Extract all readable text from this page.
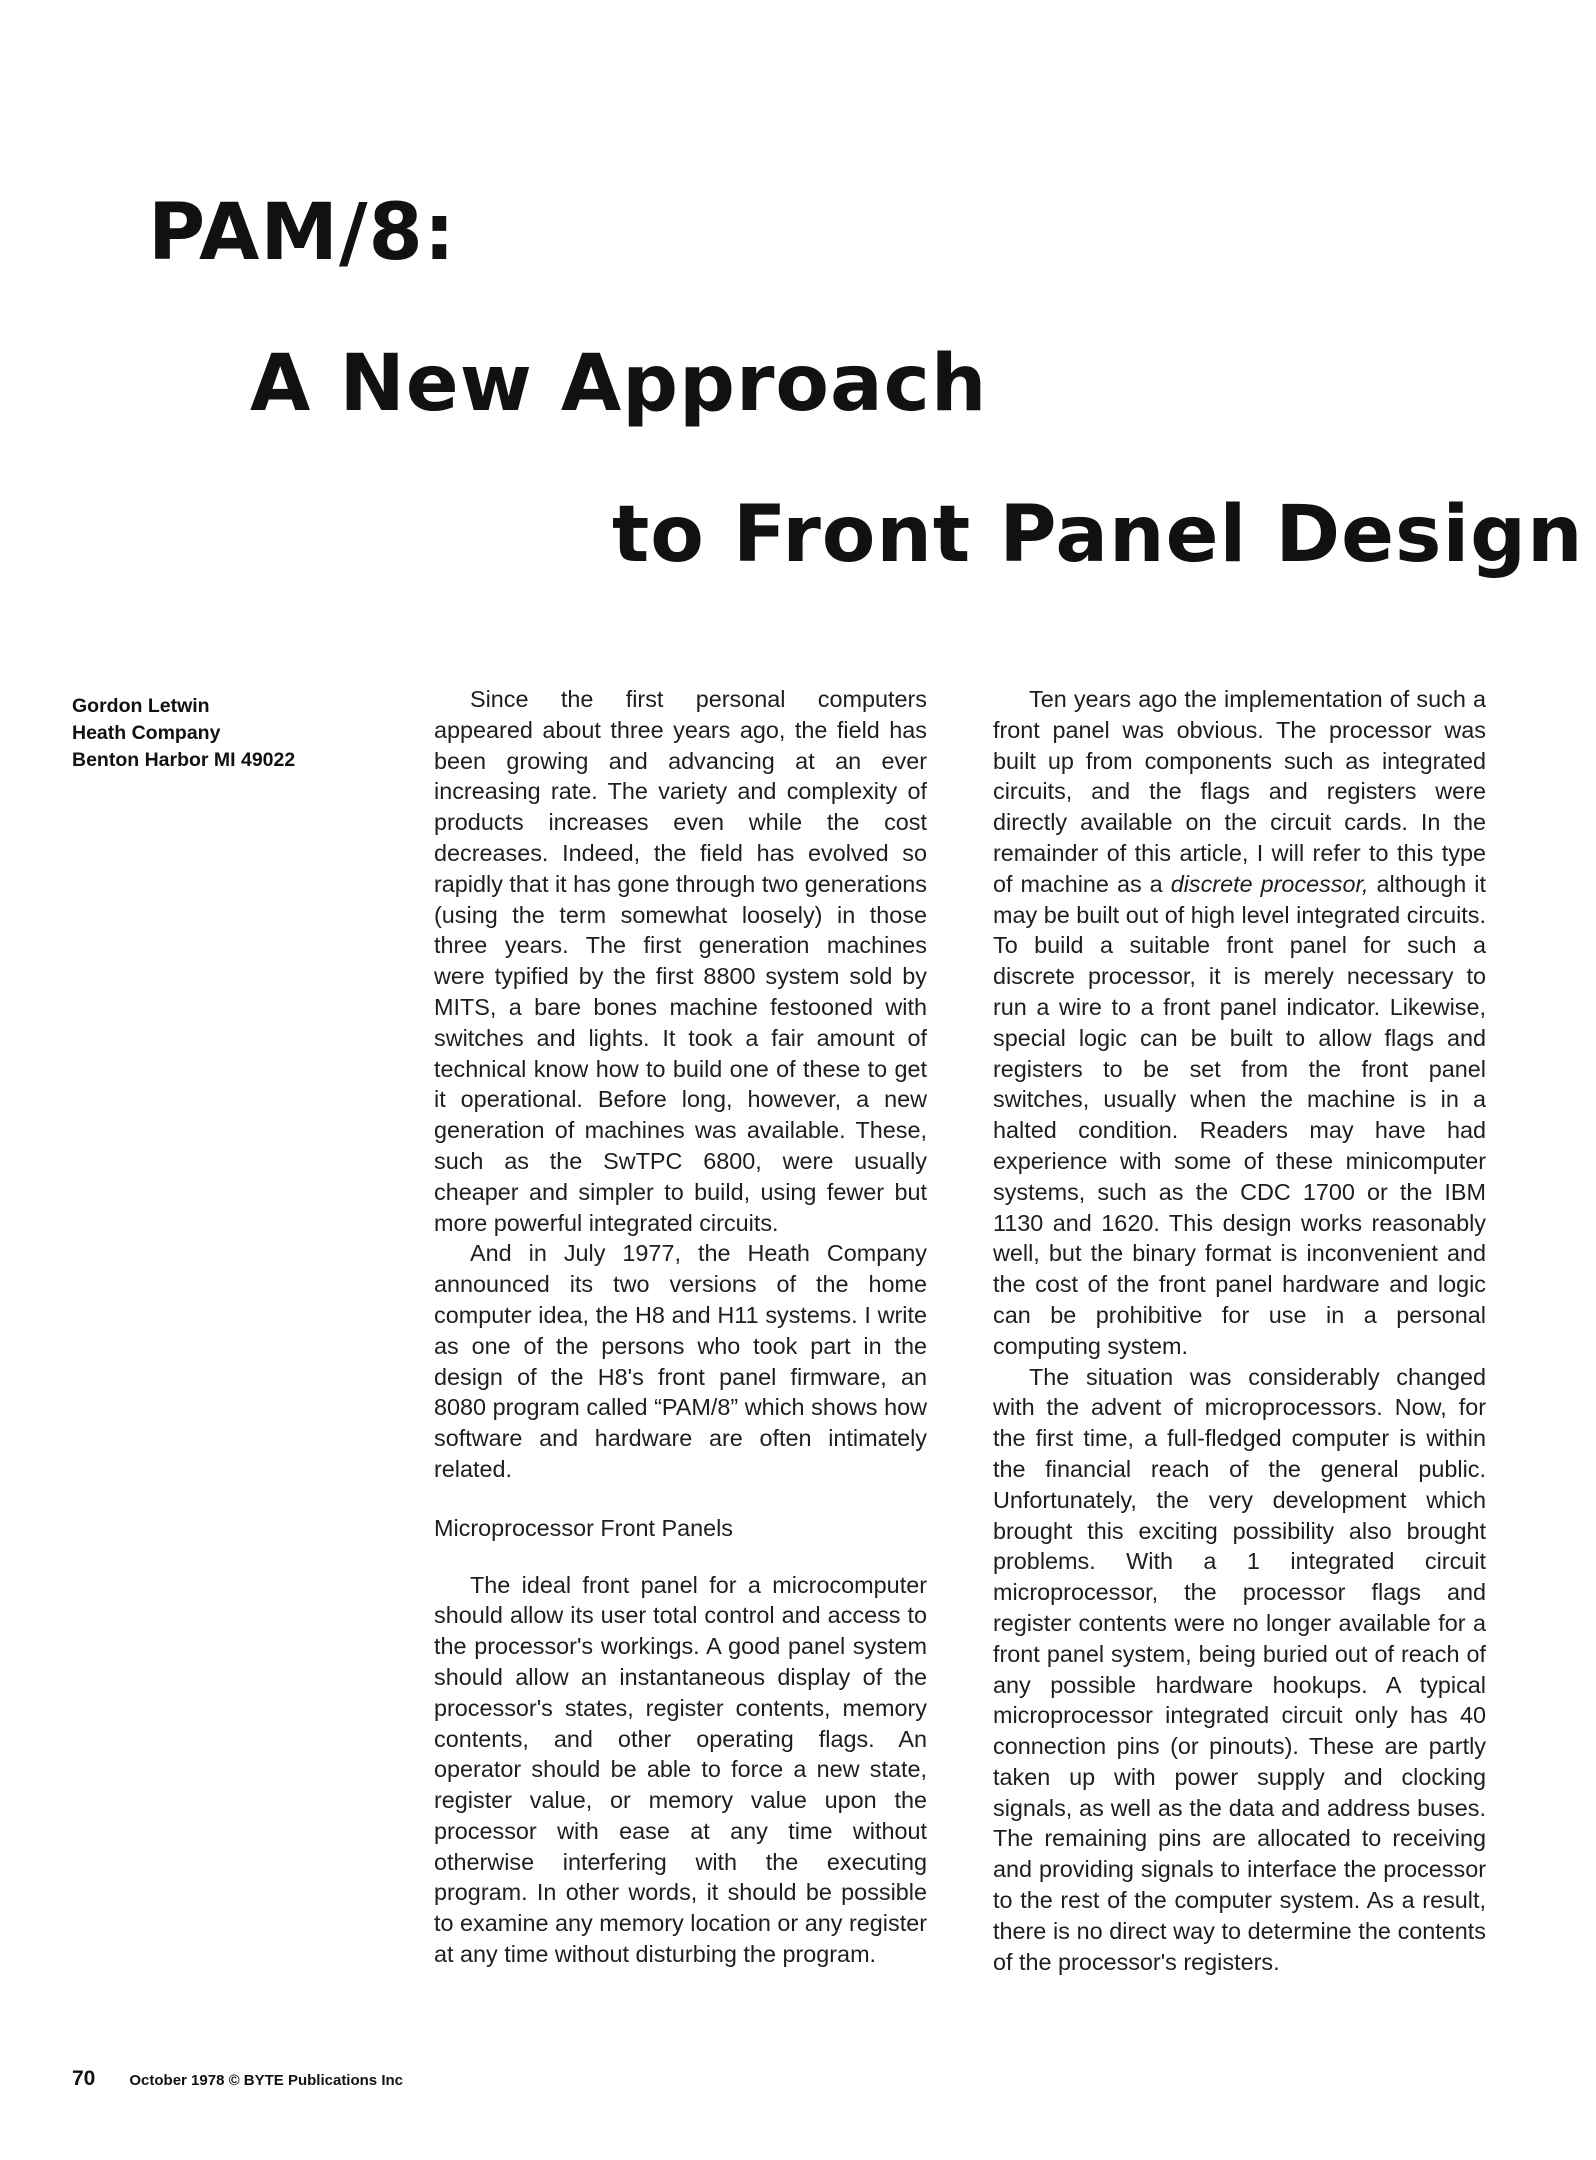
PAM/8:
A New Approach
to Front Panel Design
Gordon Letwin
Heath Company
Benton Harbor MI 49022

Since the first personal computers appeared about three years ago, the field has been growing and advancing at an ever increasing rate. The variety and complexity of products increases even while the cost decreases. Indeed, the field has evolved so rapidly that it has gone through two generations (using the term somewhat loosely) in those three years. The first generation machines were typified by the first 8800 system sold by MITS, a bare bones machine festooned with switches and lights. It took a fair amount of technical know how to build one of these to get it operational. Before long, however, a new generation of machines was available. These, such as the SwTPC 6800, were usually cheaper and simpler to build, using fewer but more powerful integrated circuits.

And in July 1977, the Heath Company announced its two versions of the home computer idea, the H8 and H11 systems. I write as one of the persons who took part in the design of the H8's front panel firmware, an 8080 program called “PAM/8” which shows how software and hardware are often intimately related.

Microprocessor Front Panels

The ideal front panel for a microcomputer should allow its user total control and access to the processor's workings. A good panel system should allow an instantaneous display of the processor's states, register contents, memory contents, and other operating flags. An operator should be able to force a new state, register value, or memory value upon the processor with ease at any time without otherwise interfering with the executing program. In other words, it should be possible to examine any memory location or any register at any time without disturbing the program.

Ten years ago the implementation of such a front panel was obvious. The processor was built up from components such as integrated circuits, and the flags and registers were directly available on the circuit cards. In the remainder of this article, I will refer to this type of machine as a discrete processor, although it may be built out of high level integrated circuits. To build a suitable front panel for such a discrete processor, it is merely necessary to run a wire to a front panel indicator. Likewise, special logic can be built to allow flags and registers to be set from the front panel switches, usually when the machine is in a halted condition. Readers may have had experience with some of these minicomputer systems, such as the CDC 1700 or the IBM 1130 and 1620. This design works reasonably well, but the binary format is inconvenient and the cost of the front panel hardware and logic can be prohibitive for use in a personal computing system.

The situation was considerably changed with the advent of microprocessors. Now, for the first time, a full-fledged computer is within the financial reach of the general public. Unfortunately, the very development which brought this exciting possibility also brought problems. With a 1 integrated circuit microprocessor, the processor flags and register contents were no longer available for a front panel system, being buried out of reach of any possible hardware hookups. A typical microprocessor integrated circuit only has 40 connection pins (or pinouts). These are partly taken up with power supply and clocking signals, as well as the data and address buses. The remaining pins are allocated to receiving and providing signals to interface the processor to the rest of the computer system. As a result, there is no direct way to determine the contents of the processor's registers.

70 October 1978 © BYTE Publications Inc
